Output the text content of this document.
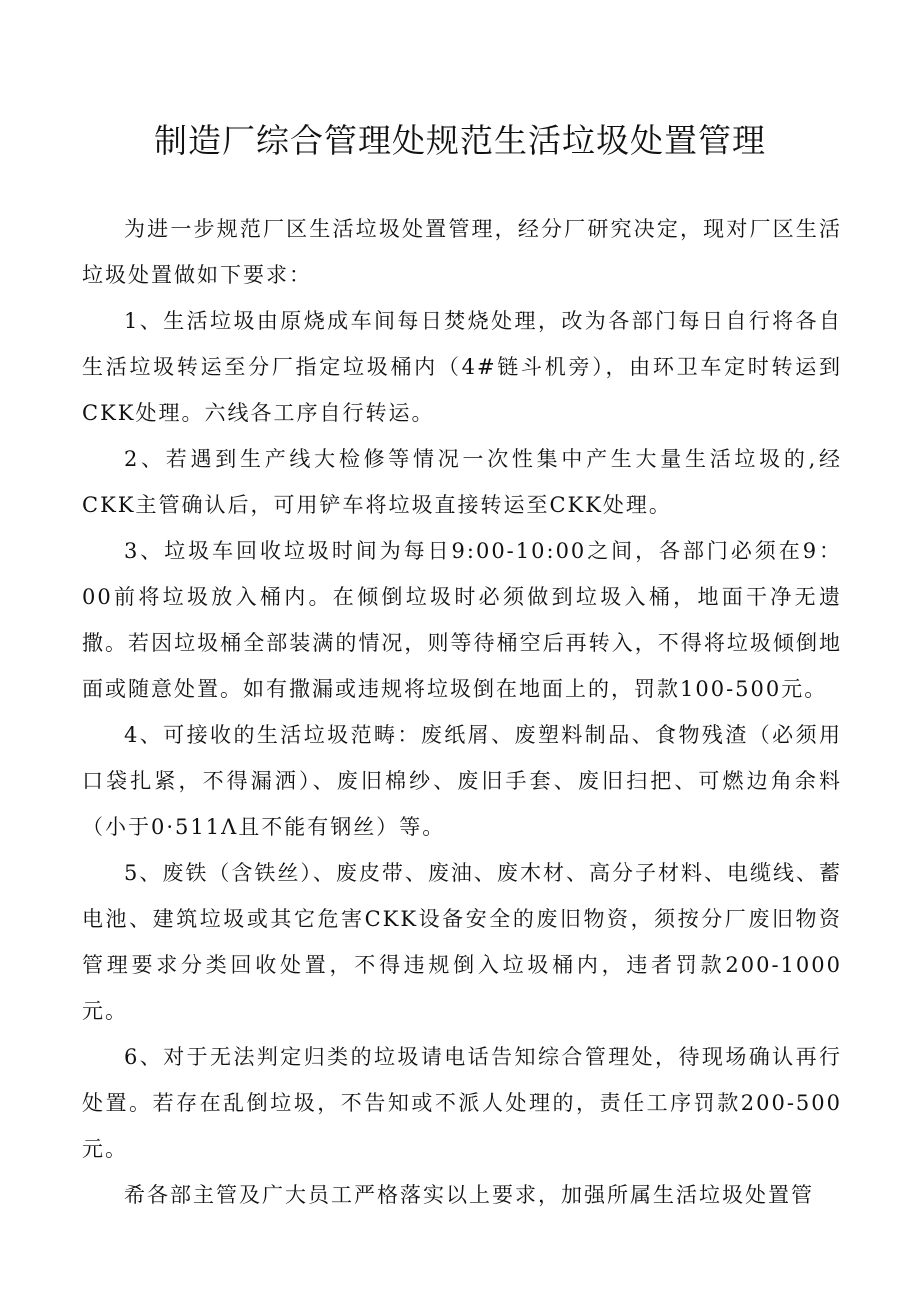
制造厂综合管理处规范生活垃圾处置管理

为进一步规范厂区生活垃圾处置管理，经分厂研究决定，现对厂区生活垃圾处置做如下要求：

1、生活垃圾由原烧成车间每日焚烧处理，改为各部门每日自行将各自生活垃圾转运至分厂指定垃圾桶内（4#链斗机旁），由环卫车定时转运到CKK处理。六线各工序自行转运。

2、若遇到生产线大检修等情况一次性集中产生大量生活垃圾的,经CKK主管确认后，可用铲车将垃圾直接转运至CKK处理。

3、垃圾车回收垃圾时间为每日9:00-10:00之间，各部门必须在9：00前将垃圾放入桶内。在倾倒垃圾时必须做到垃圾入桶，地面干净无遗撒。若因垃圾桶全部装满的情况，则等待桶空后再转入，不得将垃圾倾倒地面或随意处置。如有撒漏或违规将垃圾倒在地面上的，罚款100-500元。

4、可接收的生活垃圾范畴：废纸屑、废塑料制品、食物残渣（必须用口袋扎紧，不得漏洒）、废旧棉纱、废旧手套、废旧扫把、可燃边角余料（小于0·511Λ且不能有钢丝）等。

5、废铁（含铁丝）、废皮带、废油、废木材、高分子材料、电缆线、蓄电池、建筑垃圾或其它危害CKK设备安全的废旧物资，须按分厂废旧物资管理要求分类回收处置，不得违规倒入垃圾桶内，违者罚款200-1000元。

6、对于无法判定归类的垃圾请电话告知综合管理处，待现场确认再行处置。若存在乱倒垃圾，不告知或不派人处理的，责任工序罚款200-500元。

希各部主管及广大员工严格落实以上要求，加强所属生活垃圾处置管
